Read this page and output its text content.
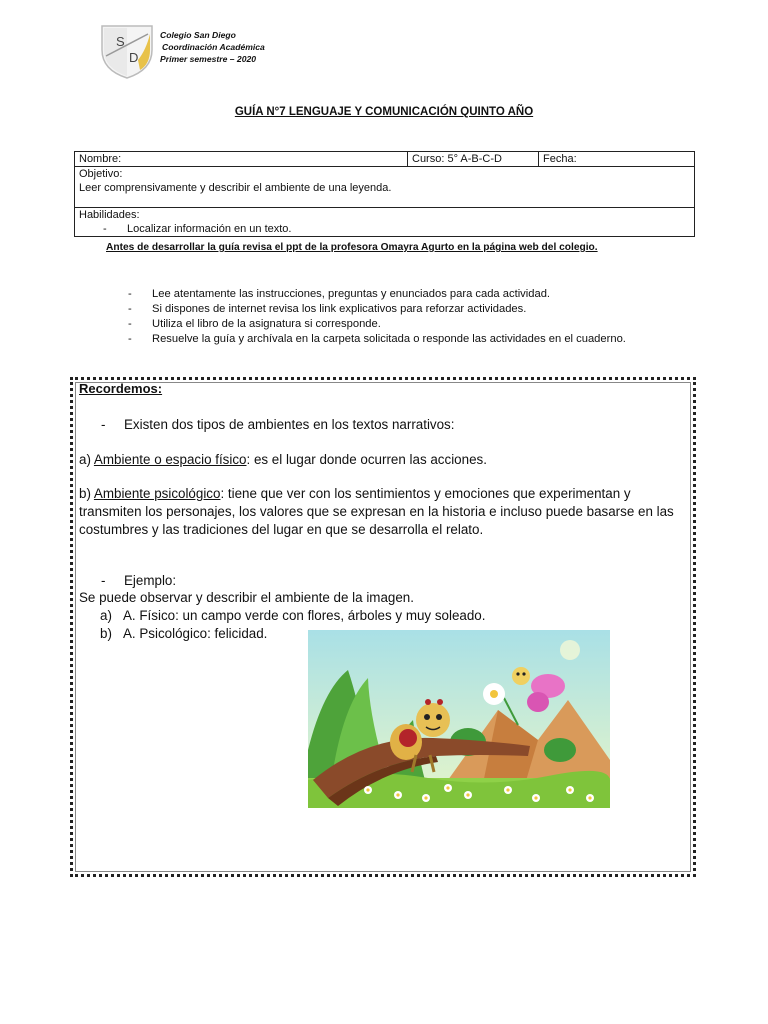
S
D
Colegio San Diego
Coordinación Académica
Primer semestre – 2020
GUÍA N°7 LENGUAJE Y COMUNICACIÓN QUINTO AÑO
Nombre:	Curso: 5° A-B-C-D	Fecha:

Objetivo:
Leer comprensivamente y describir el ambiente de una leyenda.

Habilidades:
-	Localizar información en un texto.
Antes de desarrollar la guía revisa el ppt de la profesora Omayra Agurto en la página web del colegio.
-	Lee atentamente las instrucciones, preguntas y enunciados para cada actividad.
-	Si dispones de internet revisa los link explicativos para reforzar actividades.
-	Utiliza el libro de la asignatura si corresponde.
-	Resuelve la guía y archívala en la carpeta solicitada o responde las actividades en el cuaderno.
Recordemos:
-	Existen dos tipos de ambientes en los textos narrativos:
a) Ambiente o espacio físico: es el lugar donde ocurren las acciones.
b) Ambiente psicológico: tiene que ver con los sentimientos y emociones que experimentan y transmiten los personajes, los valores que se expresan en la historia e incluso puede basarse en las costumbres y las tradiciones del lugar en que se desarrolla el relato.
-	Ejemplo:
Se puede observar y describir el ambiente de la imagen.
a) A. Físico: un campo verde con flores, árboles y muy soleado.
b) A. Psicológico: felicidad.
